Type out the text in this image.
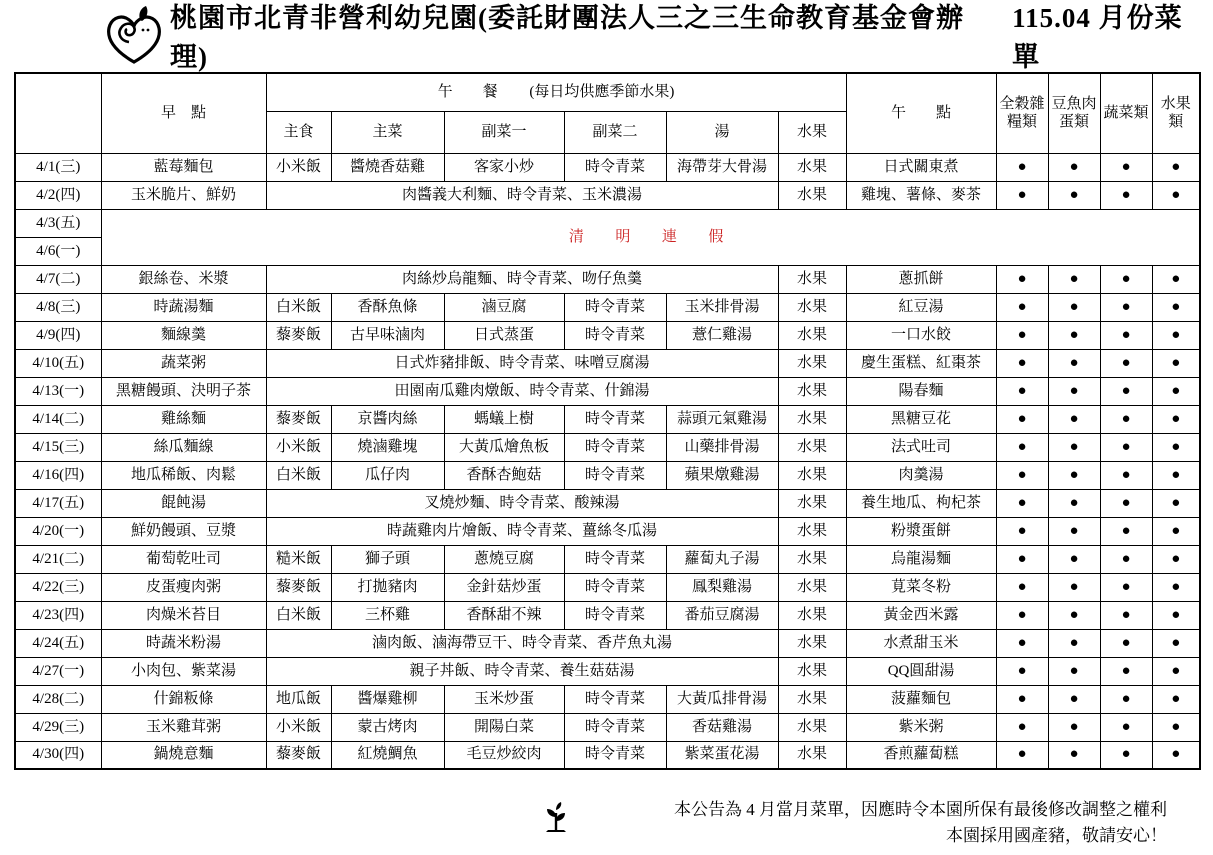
桃園市北青非營利幼兒園(委託財團法人三之三生命教育基金會辦理)
115.04 月份菜單
	早　點	午　　餐 (每日均供應季節水果)						午　　點	全穀雜糧類	豆魚肉蛋類	蔬菜類	水果類
		主食	主菜	副菜一	副菜二	湯	水果					
4/1(三)	藍莓麵包	小米飯	醬燒香菇雞	客家小炒	時令青菜	海帶芽大骨湯	水果	日式關東煮	●	●	●	●
4/2(四)	玉米脆片、鮮奶	肉醬義大利麵、時令青菜、玉米濃湯					水果	雞塊、薯條、麥茶	●	●	●	●
4/3(五)	清　明　連　假											
4/6(一)												
4/7(二)	銀絲卷、米漿	肉絲炒烏龍麵、時令青菜、吻仔魚羹					水果	蔥抓餅	●	●	●	●
4/8(三)	時蔬湯麵	白米飯	香酥魚條	滷豆腐	時令青菜	玉米排骨湯	水果	紅豆湯	●	●	●	●
4/9(四)	麵線羹	藜麥飯	古早味滷肉	日式蒸蛋	時令青菜	薏仁雞湯	水果	一口水餃	●	●	●	●
4/10(五)	蔬菜粥	日式炸豬排飯、時令青菜、味噌豆腐湯					水果	慶生蛋糕、紅棗茶	●	●	●	●
4/13(一)	黑糖饅頭、決明子茶	田園南瓜雞肉燉飯、時令青菜、什錦湯					水果	陽春麵	●	●	●	●
4/14(二)	雞絲麵	藜麥飯	京醬肉絲	螞蟻上樹	時令青菜	蒜頭元氣雞湯	水果	黑糖豆花	●	●	●	●
4/15(三)	絲瓜麵線	小米飯	燒滷雞塊	大黃瓜燴魚板	時令青菜	山藥排骨湯	水果	法式吐司	●	●	●	●
4/16(四)	地瓜稀飯、肉鬆	白米飯	瓜仔肉	香酥杏鮑菇	時令青菜	蘋果燉雞湯	水果	肉羹湯	●	●	●	●
4/17(五)	餛飩湯	叉燒炒麵、時令青菜、酸辣湯					水果	養生地瓜、枸杞茶	●	●	●	●
4/20(一)	鮮奶饅頭、豆漿	時蔬雞肉片燴飯、時令青菜、薑絲冬瓜湯					水果	粉漿蛋餅	●	●	●	●
4/21(二)	葡萄乾吐司	糙米飯	獅子頭	蔥燒豆腐	時令青菜	蘿蔔丸子湯	水果	烏龍湯麵	●	●	●	●
4/22(三)	皮蛋瘦肉粥	藜麥飯	打拋豬肉	金針菇炒蛋	時令青菜	鳳梨雞湯	水果	莧菜冬粉	●	●	●	●
4/23(四)	肉燥米苔目	白米飯	三杯雞	香酥甜不辣	時令青菜	番茄豆腐湯	水果	黃金西米露	●	●	●	●
4/24(五)	時蔬米粉湯	滷肉飯、滷海帶豆干、時令青菜、香芹魚丸湯					水果	水煮甜玉米	●	●	●	●
4/27(一)	小肉包、紫菜湯	親子丼飯、時令青菜、養生菇菇湯					水果	QQ圓甜湯	●	●	●	●
4/28(二)	什錦粄條	地瓜飯	醬爆雞柳	玉米炒蛋	時令青菜	大黃瓜排骨湯	水果	菠蘿麵包	●	●	●	●
4/29(三)	玉米雞茸粥	小米飯	蒙古烤肉	開陽白菜	時令青菜	香菇雞湯	水果	紫米粥	●	●	●	●
4/30(四)	鍋燒意麵	藜麥飯	紅燒鯛魚	毛豆炒絞肉	時令青菜	紫菜蛋花湯	水果	香煎蘿蔔糕	●	●	●	●
本公告為 4 月當月菜單，因應時令本園所保有最後修改調整之權利
本園採用國產豬，敬請安心！
